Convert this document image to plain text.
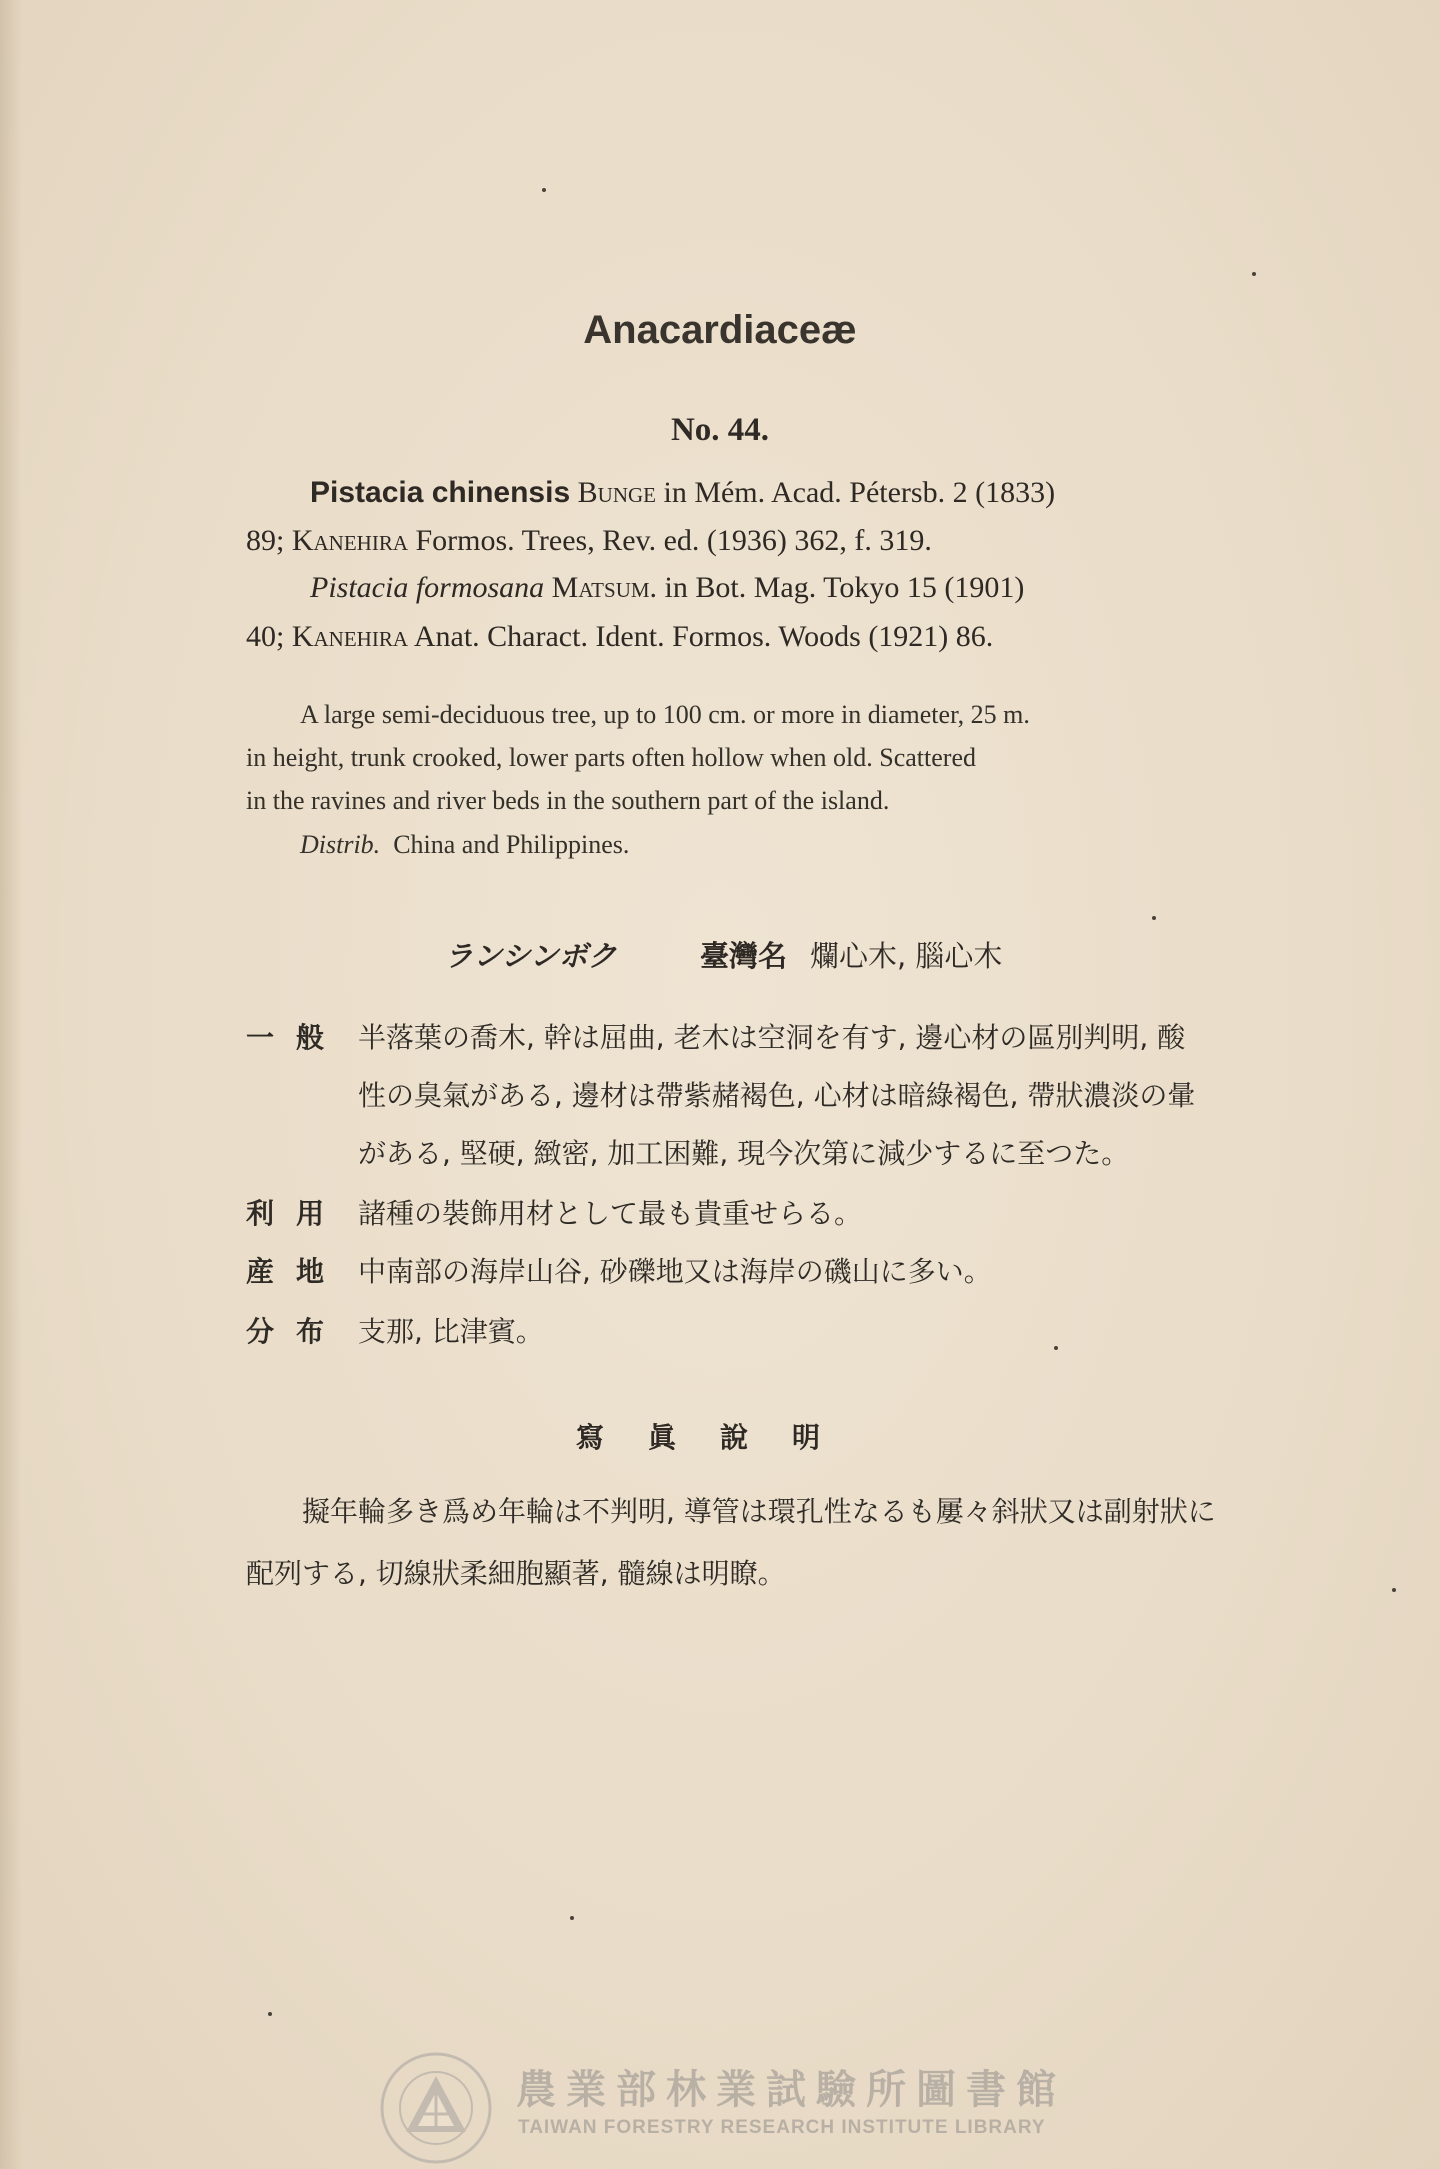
Anacardiaceæ
No. 44.
Pistacia chinensis Bunge in Mém. Acad. Pétersb. 2 (1833)
89; Kanehira Formos. Trees, Rev. ed. (1936) 362, f. 319.
Pistacia formosana Matsum. in Bot. Mag. Tokyo 15 (1901)
40; Kanehira Anat. Charact. Ident. Formos. Woods (1921) 86.
A large semi-deciduous tree, up to 100 cm. or more in diameter, 25 m.
in height, trunk crooked, lower parts often hollow when old. Scattered
in the ravines and river beds in the southern part of the island.
Distrib. China and Philippines.
ランシンボク	臺灣名 爛心木, 腦心木
一般 半落葉の喬木, 幹は屈曲, 老木は空洞を有す, 邊心材の區別判明, 酸
性の臭氣がある, 邊材は帶紫赭褐色, 心材は暗綠褐色, 帶狀濃淡の暈
がある, 堅硬, 緻密, 加工困難, 現今次第に減少するに至つた。
利用 諸種の裝飾用材として最も貴重せらる。
産地 中南部の海岸山谷, 砂礫地又は海岸の磯山に多い。
分布 支那, 比津賓。
寫眞說明
擬年輪多き爲め年輪は不判明, 導管は環孔性なるも屢々斜狀又は副射狀に
配列する, 切線狀柔細胞顯著, 髓線は明瞭。
農業部林業試驗所圖書館
TAIWAN FORESTRY RESEARCH INSTITUTE LIBRARY
